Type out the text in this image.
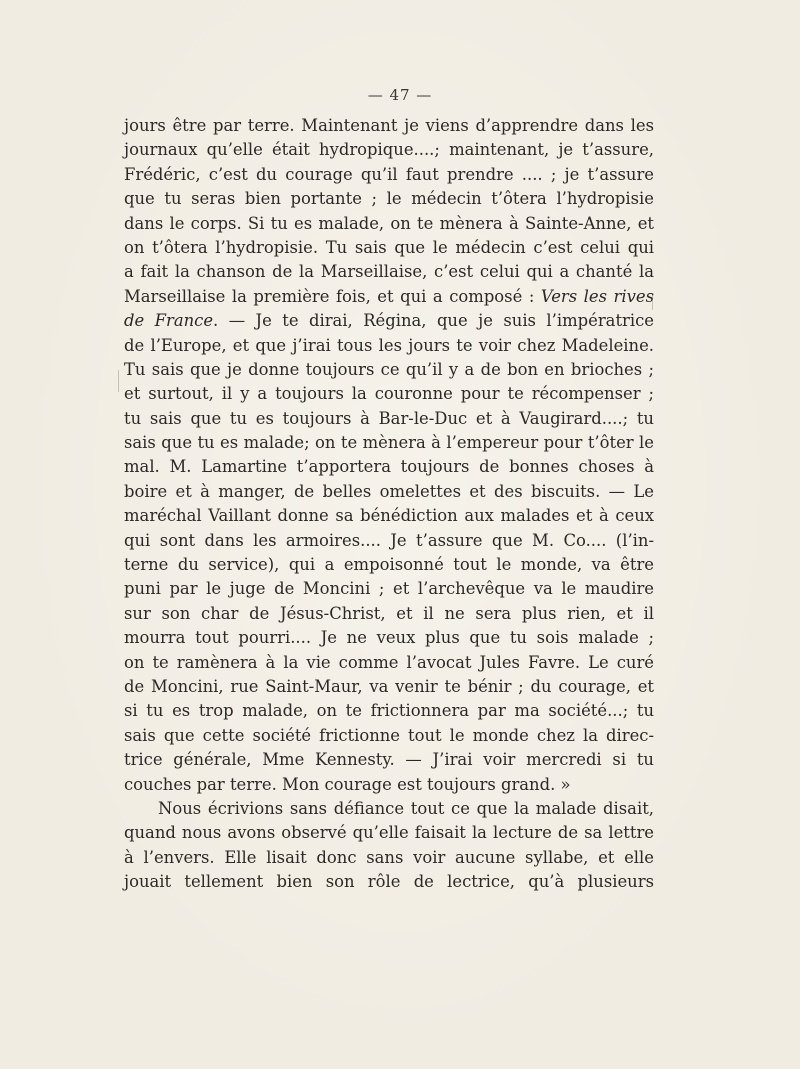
— 47 —
jours être par terre. Maintenant je viens d’apprendre dans les
journaux qu’elle était hydropique....; maintenant, je t’assure,
Frédéric, c’est du courage qu’il faut prendre .... ; je t’assure
que tu seras bien portante ; le médecin t’ôtera l’hydropisie
dans le corps. Si tu es malade, on te mènera à Sainte-Anne, et
on t’ôtera l’hydropisie. Tu sais que le médecin c’est celui qui
a fait la chanson de la Marseillaise, c’est celui qui a chanté la
Marseillaise la première fois, et qui a composé : Vers les rives
de France. — Je te dirai, Régina, que je suis l’impératrice
de l’Europe, et que j’irai tous les jours te voir chez Madeleine.
Tu sais que je donne toujours ce qu’il y a de bon en brioches ;
et surtout, il y a toujours la couronne pour te récompenser ;
tu sais que tu es toujours à Bar-le-Duc et à Vaugirard....; tu
sais que tu es malade; on te mènera à l’empereur pour t’ôter le
mal. M. Lamartine t’apportera toujours de bonnes choses à
boire et à manger, de belles omelettes et des biscuits. — Le
maréchal Vaillant donne sa bénédiction aux malades et à ceux
qui sont dans les armoires.... Je t’assure que M. Co.... (l’in-
terne du service), qui a empoisonné tout le monde, va être
puni par le juge de Moncini ; et l’archevêque va le maudire
sur son char de Jésus-Christ, et il ne sera plus rien, et il
mourra tout pourri.... Je ne veux plus que tu sois malade ;
on te ramènera à la vie comme l’avocat Jules Favre. Le curé
de Moncini, rue Saint-Maur, va venir te bénir ; du courage, et
si tu es trop malade, on te frictionnera par ma société...; tu
sais que cette société frictionne tout le monde chez la direc-
trice générale, Mme Kennesty. — J’irai voir mercredi si tu
couches par terre. Mon courage est toujours grand. »
Nous écrivions sans défiance tout ce que la malade disait,
quand nous avons observé qu’elle faisait la lecture de sa lettre
à l’envers. Elle lisait donc sans voir aucune syllabe, et elle
jouait tellement bien son rôle de lectrice, qu’à plusieurs
